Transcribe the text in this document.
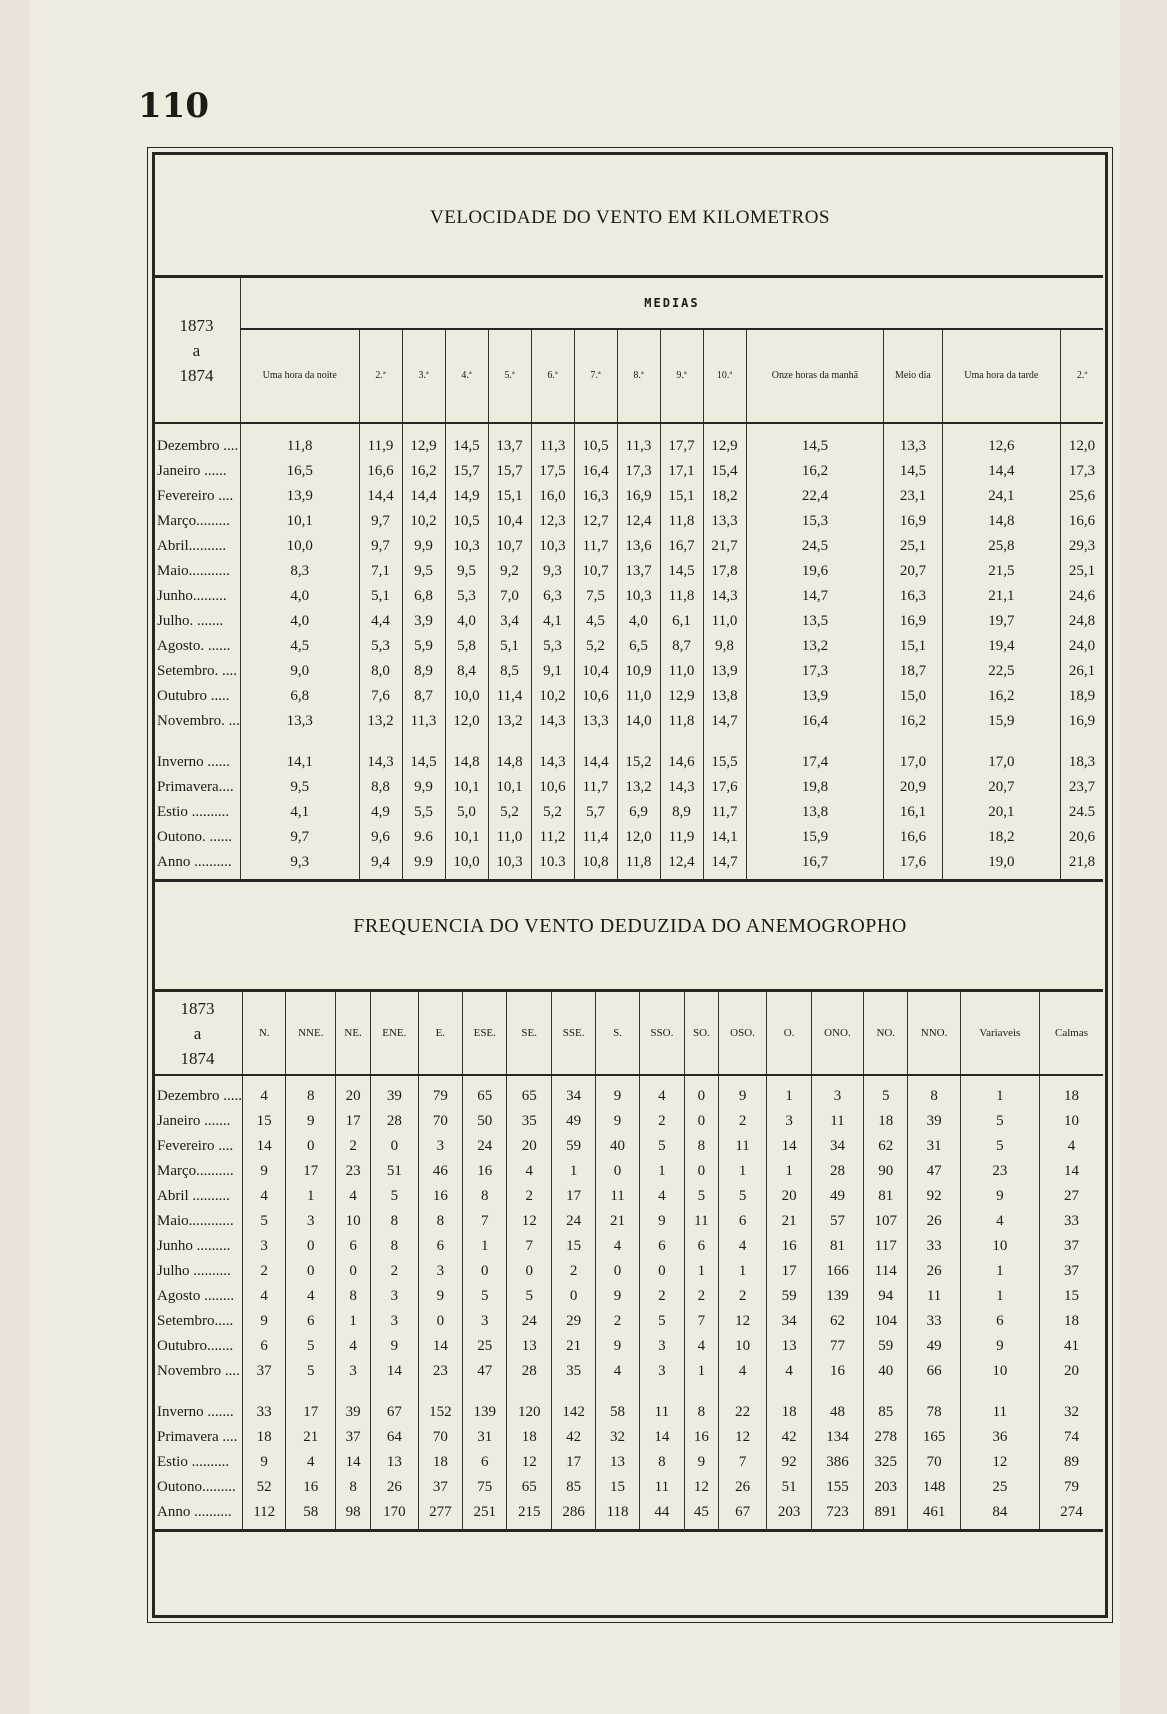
110
VELOCIDADE DO VENTO EM KILOMETROS
1873
a
1874	MEDIAS													
	Uma hora da noite	2.ª	3.ª	4.ª	5.ª	6.ª	7.ª	8.ª	9.ª	10.ª	Onze horas da manhã	Meio dia	Uma hora da tarde	2.ª
Dezembro ....	11,8	11,9	12,9	14,5	13,7	11,3	10,5	11,3	17,7	12,9	14,5	13,3	12,6	12,0
Janeiro ......	16,5	16,6	16,2	15,7	15,7	17,5	16,4	17,3	17,1	15,4	16,2	14,5	14,4	17,3
Fevereiro ....	13,9	14,4	14,4	14,9	15,1	16,0	16,3	16,9	15,1	18,2	22,4	23,1	24,1	25,6
Março.........	10,1	9,7	10,2	10,5	10,4	12,3	12,7	12,4	11,8	13,3	15,3	16,9	14,8	16,6
Abril..........	10,0	9,7	9,9	10,3	10,7	10,3	11,7	13,6	16,7	21,7	24,5	25,1	25,8	29,3
Maio...........	8,3	7,1	9,5	9,5	9,2	9,3	10,7	13,7	14,5	17,8	19,6	20,7	21,5	25,1
Junho.........	4,0	5,1	6,8	5,3	7,0	6,3	7,5	10,3	11,8	14,3	14,7	16,3	21,1	24,6
Julho. .......	4,0	4,4	3,9	4,0	3,4	4,1	4,5	4,0	6,1	11,0	13,5	16,9	19,7	24,8
Agosto. ......	4,5	5,3	5,9	5,8	5,1	5,3	5,2	6,5	8,7	9,8	13,2	15,1	19,4	24,0
Setembro. ....	9,0	8,0	8,9	8,4	8,5	9,1	10,4	10,9	11,0	13,9	17,3	18,7	22,5	26,1
Outubro .....	6,8	7,6	8,7	10,0	11,4	10,2	10,6	11,0	12,9	13,8	13,9	15,0	16,2	18,9
Novembro. ...	13,3	13,2	11,3	12,0	13,2	14,3	13,3	14,0	11,8	14,7	16,4	16,2	15,9	16,9
Inverno ......	14,1	14,3	14,5	14,8	14,8	14,3	14,4	15,2	14,6	15,5	17,4	17,0	17,0	18,3
Primavera....	9,5	8,8	9,9	10,1	10,1	10,6	11,7	13,2	14,3	17,6	19,8	20,9	20,7	23,7
Estio ..........	4,1	4,9	5,5	5,0	5,2	5,2	5,7	6,9	8,9	11,7	13,8	16,1	20,1	24.5
Outono. ......	9,7	9,6	9.6	10,1	11,0	11,2	11,4	12,0	11,9	14,1	15,9	16,6	18,2	20,6
Anno ..........	9,3	9,4	9.9	10,0	10,3	10.3	10,8	11,8	12,4	14,7	16,7	17,6	19,0	21,8
FREQUENCIA DO VENTO DEDUZIDA DO ANEMOGROPHO
1873
a
1874	N.	NNE.	NE.	ENE.	E.	ESE.	SE.	SSE.	S.	SSO.	SO.	OSO.	O.	ONO.	NO.	NNO.	Variaveis	Calmas
Dezembro .....	4	8	20	39	79	65	65	34	9	4	0	9	1	3	5	8	1	18
Janeiro .......	15	9	17	28	70	50	35	49	9	2	0	2	3	11	18	39	5	10
Fevereiro ....	14	0	2	0	3	24	20	59	40	5	8	11	14	34	62	31	5	4
Março..........	9	17	23	51	46	16	4	1	0	1	0	1	1	28	90	47	23	14
Abril ..........	4	1	4	5	16	8	2	17	11	4	5	5	20	49	81	92	9	27
Maio............	5	3	10	8	8	7	12	24	21	9	11	6	21	57	107	26	4	33
Junho .........	3	0	6	8	6	1	7	15	4	6	6	4	16	81	117	33	10	37
Julho ..........	2	0	0	2	3	0	0	2	0	0	1	1	17	166	114	26	1	37
Agosto ........	4	4	8	3	9	5	5	0	9	2	2	2	59	139	94	11	1	15
Setembro.....	9	6	1	3	0	3	24	29	2	5	7	12	34	62	104	33	6	18
Outubro.......	6	5	4	9	14	25	13	21	9	3	4	10	13	77	59	49	9	41
Novembro ....	37	5	3	14	23	47	28	35	4	3	1	4	4	16	40	66	10	20
Inverno .......	33	17	39	67	152	139	120	142	58	11	8	22	18	48	85	78	11	32
Primavera ....	18	21	37	64	70	31	18	42	32	14	16	12	42	134	278	165	36	74
Estio ..........	9	4	14	13	18	6	12	17	13	8	9	7	92	386	325	70	12	89
Outono.........	52	16	8	26	37	75	65	85	15	11	12	26	51	155	203	148	25	79
Anno ..........	112	58	98	170	277	251	215	286	118	44	45	67	203	723	891	461	84	274
